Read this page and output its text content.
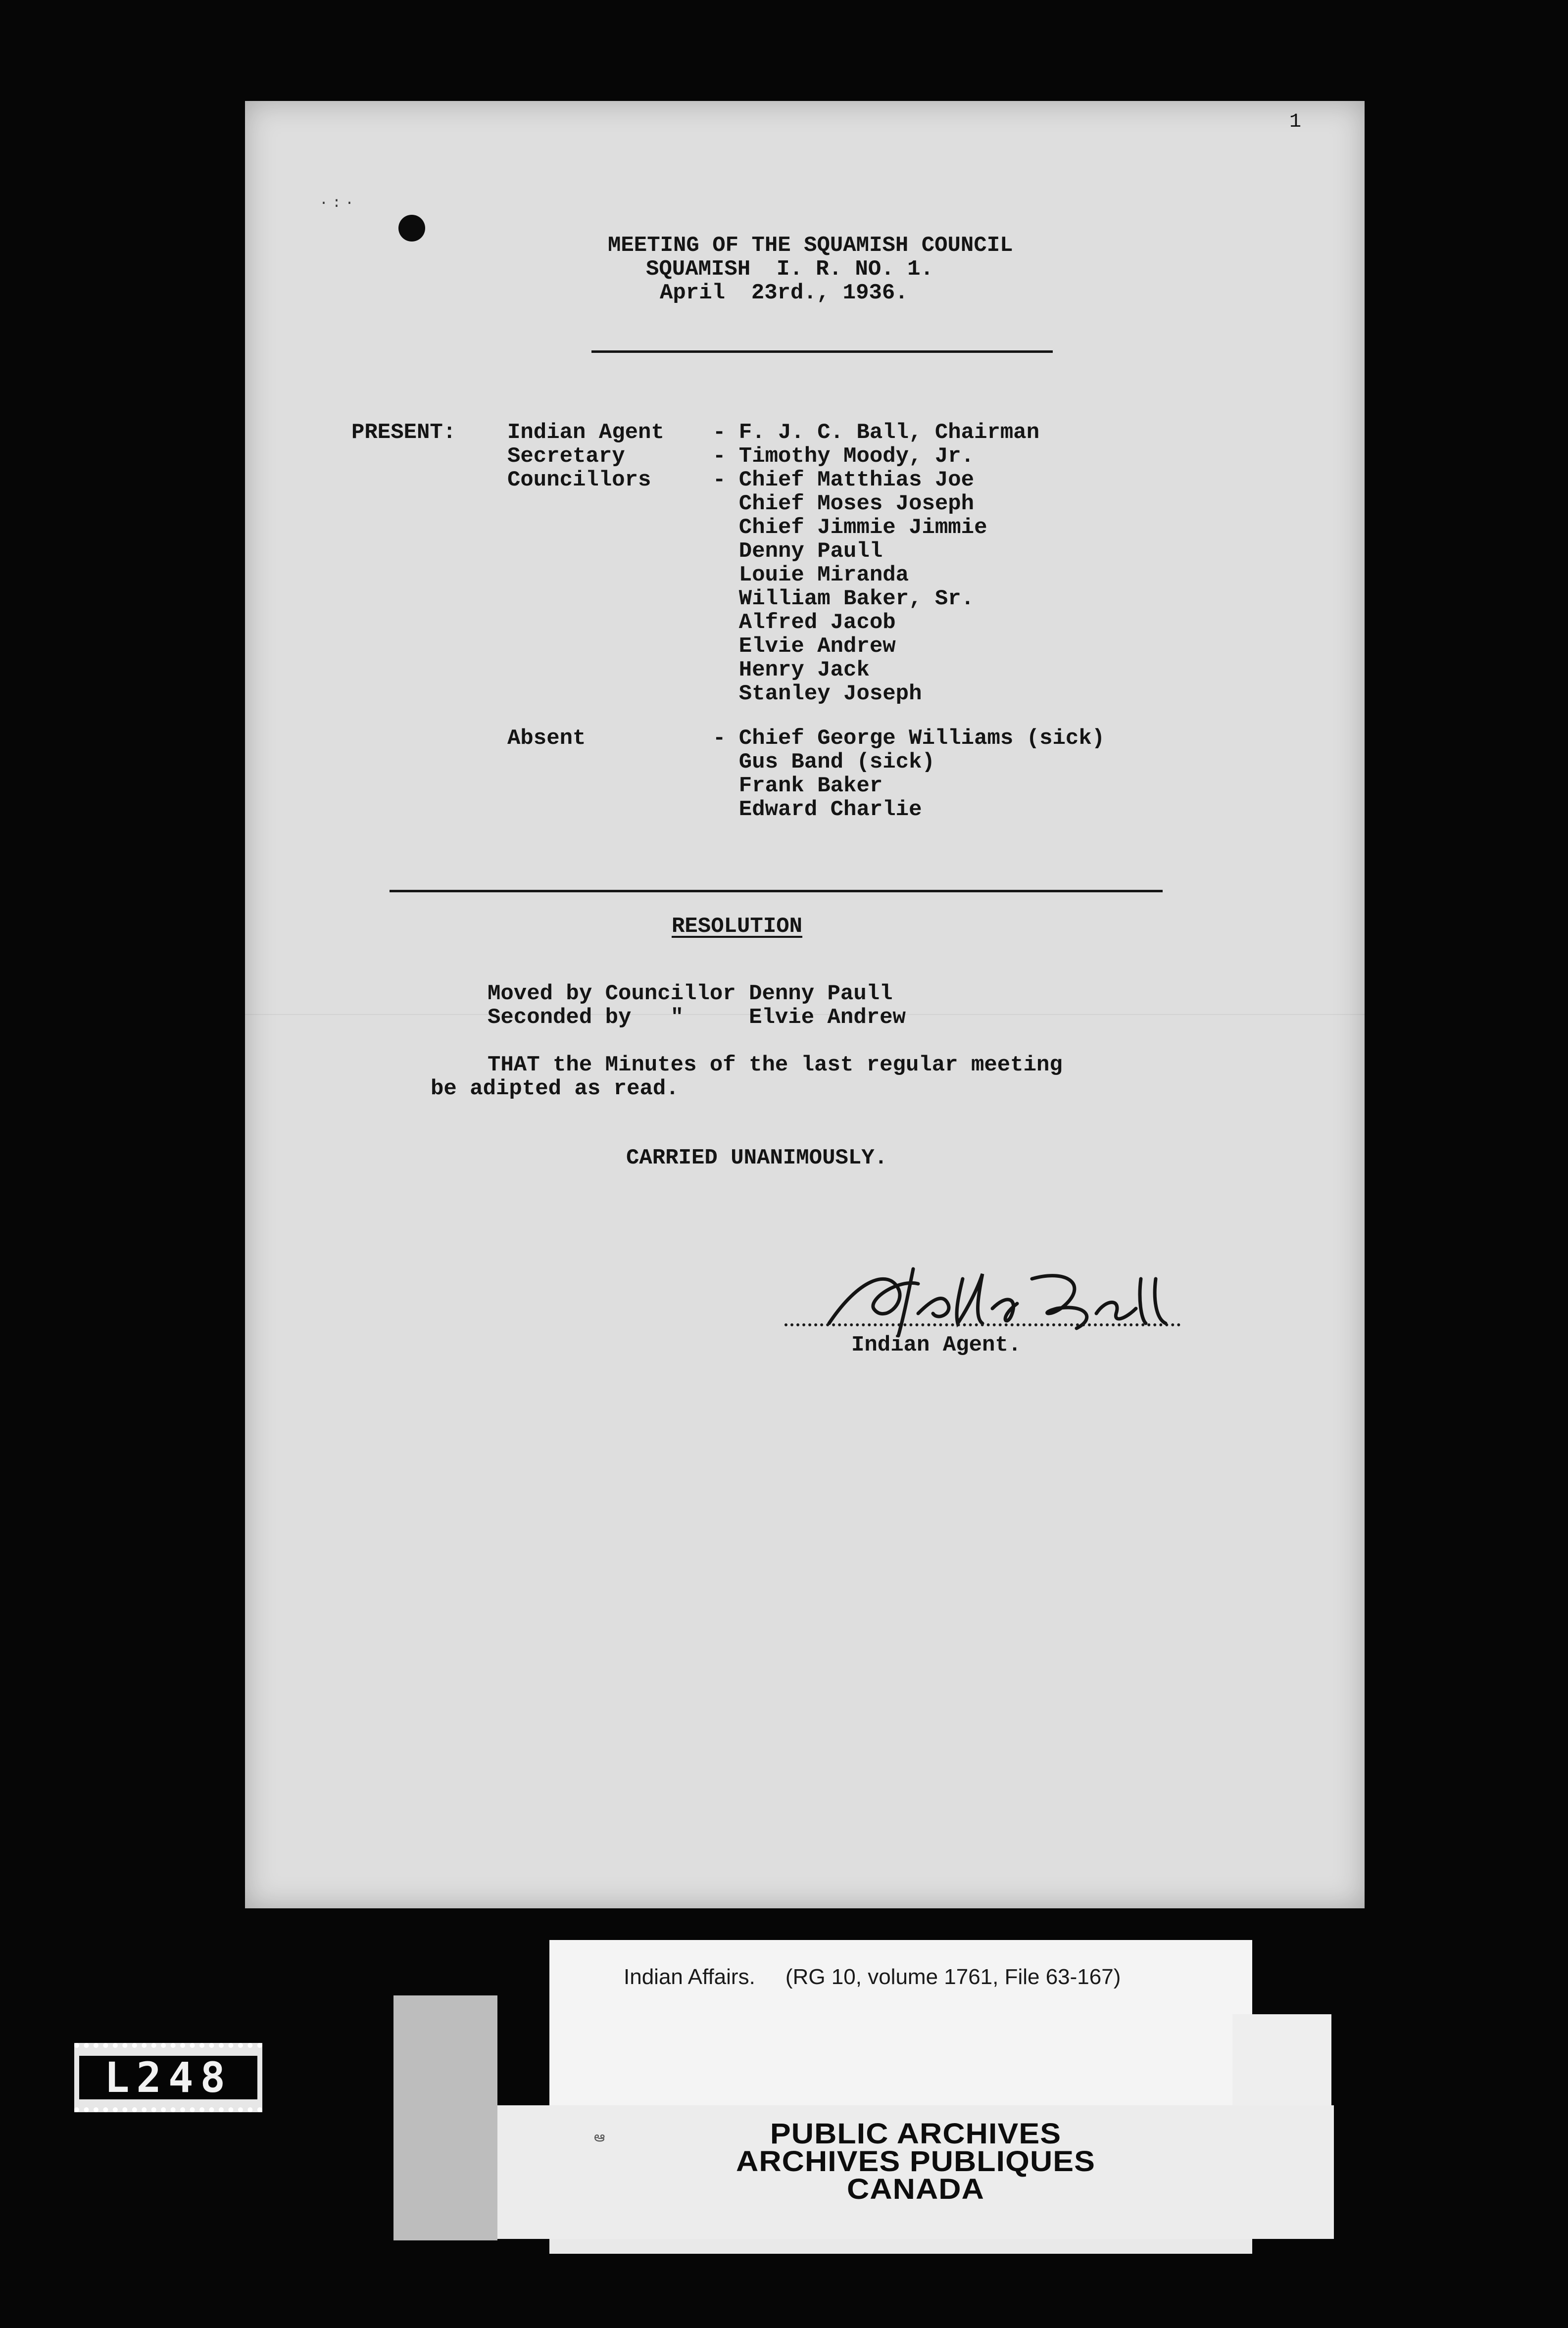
1
·:·
MEETING OF THE SQUAMISH COUNCIL
SQUAMISH  I. R. NO. 1.
April  23rd., 1936.
PRESENT: Indian Agent - F. J. C. Ball, Chairman
Secretary	- Timothy Moody, Jr.
Councillors	- Chief Matthias Joe
Chief Moses Joseph
Chief Jimmie Jimmie
Denny Paull
Louie Miranda
William Baker, Sr.
Alfred Jacob
Elvie Andrew
Henry Jack
Stanley Joseph
Absent	- Chief George Williams (sick)
Gus Band (sick)
Frank Baker
Edward Charlie
RESOLUTION
Moved by Councillor Denny Paull
Seconded by   "     Elvie Andrew
THAT the Minutes of the last regular meeting
be adipted as read.
CARRIED UNANIMOUSLY.
Indian Agent.
L248
Indian Affairs.     (RG 10, volume 1761, File 63-167)
ఆ	PUBLIC ARCHIVES
ARCHIVES PUBLIQUES
CANADA
